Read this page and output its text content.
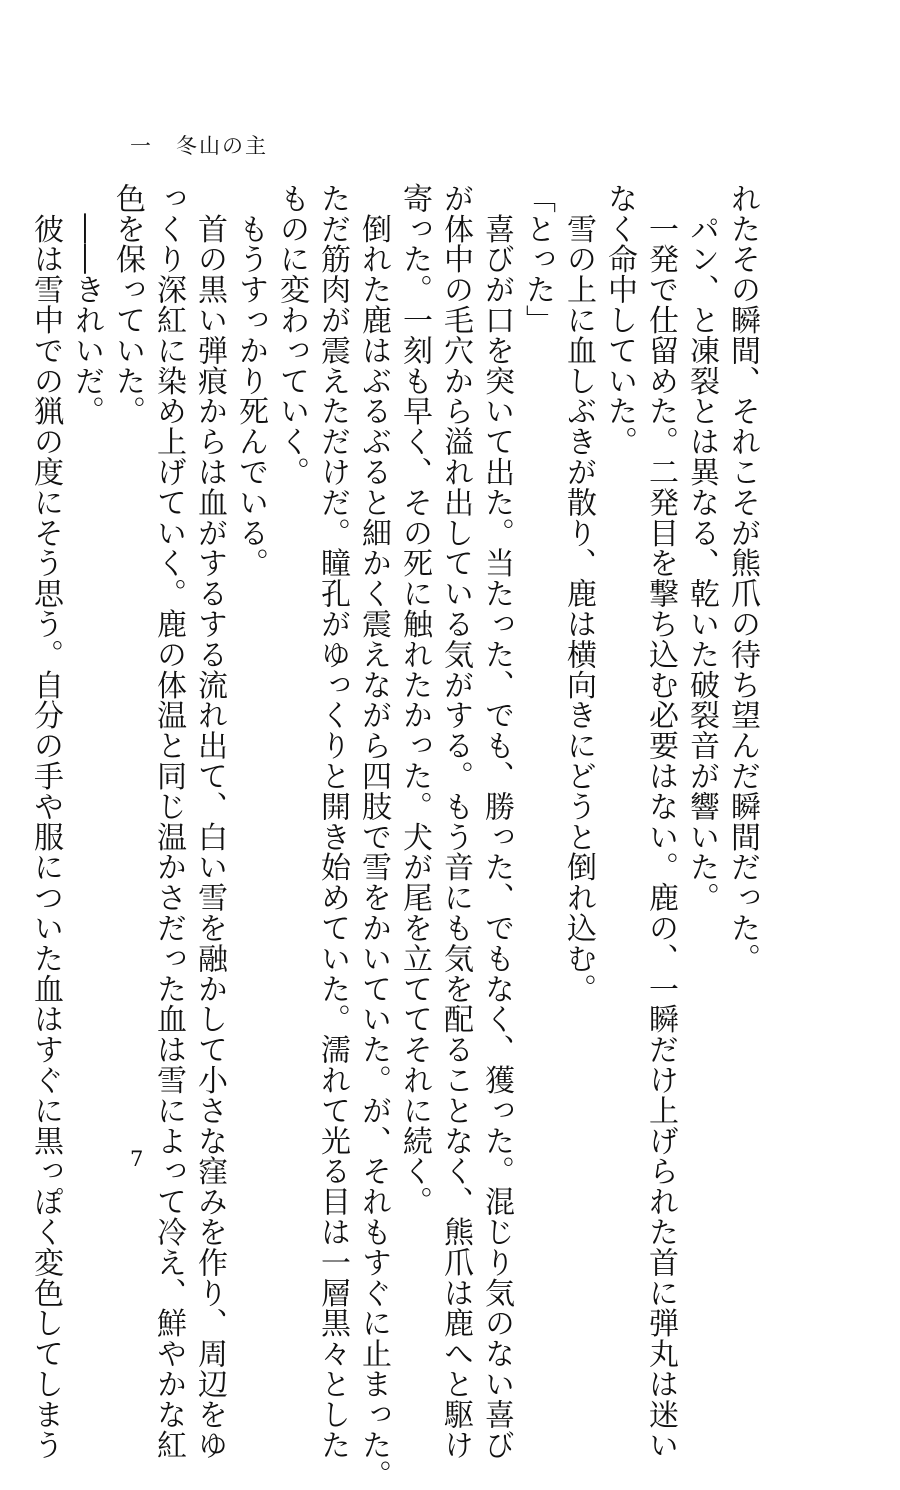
一　冬山の主
れたその瞬間、それこそが熊爪の待ち望んだ瞬間だった。
　パン、と凍裂とは異なる、乾いた破裂音が響いた。
　一発で仕留めた。二発目を撃ち込む必要はない。鹿の、一瞬だけ上げられた首に弾丸は迷い
なく命中していた。
　雪の上に血しぶきが散り、鹿は横向きにどうと倒れ込む。
「とった」
　喜びが口を突いて出た。当たった、でも、勝った、でもなく、獲った。混じり気のない喜び
が体中の毛穴から溢れ出している気がする。もう音にも気を配ることなく、熊爪は鹿へと駆け
寄った。一刻も早く、その死に触れたかった。犬が尾を立ててそれに続く。
　倒れた鹿はぶるぶると細かく震えながら四肢で雪をかいていた。が、それもすぐに止まった。
ただ筋肉が震えただけだ。瞳孔がゆっくりと開き始めていた。濡れて光る目は一層黒々とした
ものに変わっていく。
　もうすっかり死んでいる。
　首の黒い弾痕からは血がするする流れ出て、白い雪を融かして小さな窪みを作り、周辺をゆ
っくり深紅に染め上げていく。鹿の体温と同じ温かさだった血は雪によって冷え、鮮やかな紅
色を保っていた。
　――きれいだ。
　彼は雪中での猟の度にそう思う。自分の手や服についた血はすぐに黒っぽく変色してしまう	7
